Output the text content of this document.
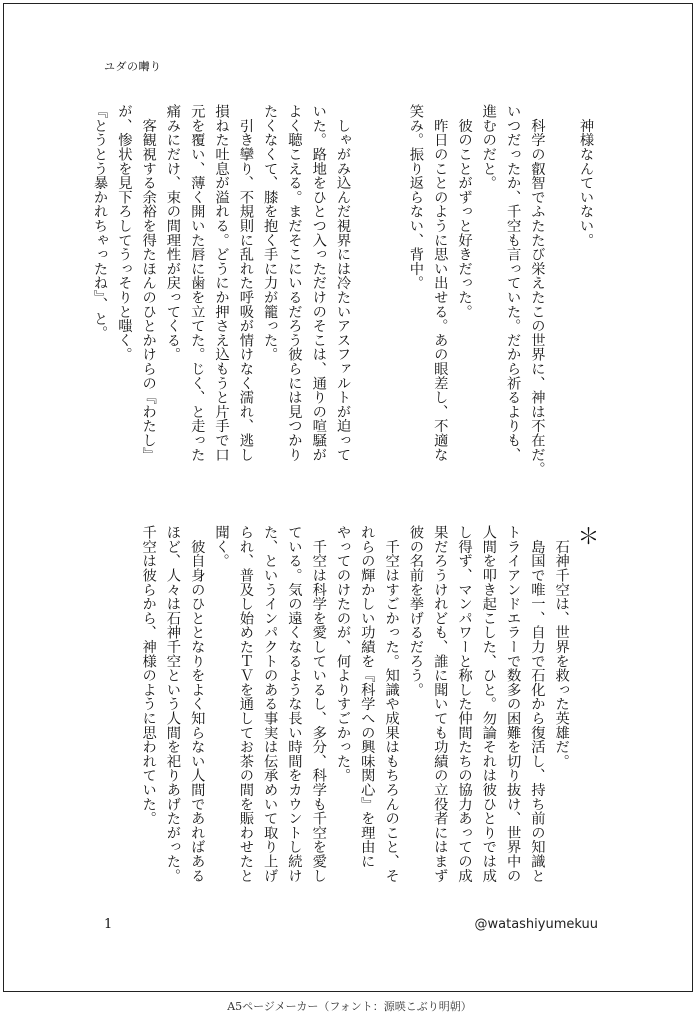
ユダの囀り
　神様なんていない。

　科学の叡智でふたたび栄えたこの世界に、神は不在だ。
いつだったか、千空も言っていた。だから祈るよりも、
進むのだと。
　彼のことがずっと好きだった。
　昨日のことのように思い出せる。あの眼差し、不適な
笑み。振り返らない、背中。

　しゃがみ込んだ視界には冷たいアスファルトが迫って
いた。路地をひとつ入っただけのそこは、通りの喧騒が
よく聴こえる。まだそこにいるだろう彼らには見つかり
たくなくて、膝を抱く手に力が籠った。
　引き攣り、不規則に乱れた呼吸が情けなく濡れ、逃し
損ねた吐息が溢れる。どうにか押さえ込もうと片手で口
元を覆い、薄く開いた唇に歯を立てた。じく、と走った
痛みにだけ、束の間理性が戻ってくる。
　客観視する余裕を得たほんのひとかけらの『わたし』
が、惨状を見下ろしてうっそりと嗤く。
『とうとう暴かれちゃったね』、と。
＊
　石神千空は、世界を救った英雄だ。
　島国で唯一、自力で石化から復活し、持ち前の知識と
トライアンドエラーで数多の困難を切り抜け、世界中の
人間を叩き起こした、ひと。勿論それは彼ひとりでは成
し得ず、マンパワーと称した仲間たちの協力あっての成
果だろうけれども、誰に聞いても功績の立役者にはまず
彼の名前を挙げるだろう。
　千空はすごかった。知識や成果はもちろんのこと、そ
れらの輝かしい功績を『科学への興味関心』を理由に
やってのけたのが、何よりすごかった。
　千空は科学を愛しているし、多分、科学も千空を愛し
ている。気の遠くなるような長い時間をカウントし続け
た、というインパクトのある事実は伝承めいて取り上げ
られ、普及し始めたＴＶを通してお茶の間を賑わせたと
聞く。
　彼自身のひととなりをよく知らない人間であればある
ほど、人々は石神千空という人間を祀りあげたがった。
千空は彼らから、神様のように思われていた。
1	@watashiyumekuu
A5ページメーカー（フォント：源暎こぶり明朝）
